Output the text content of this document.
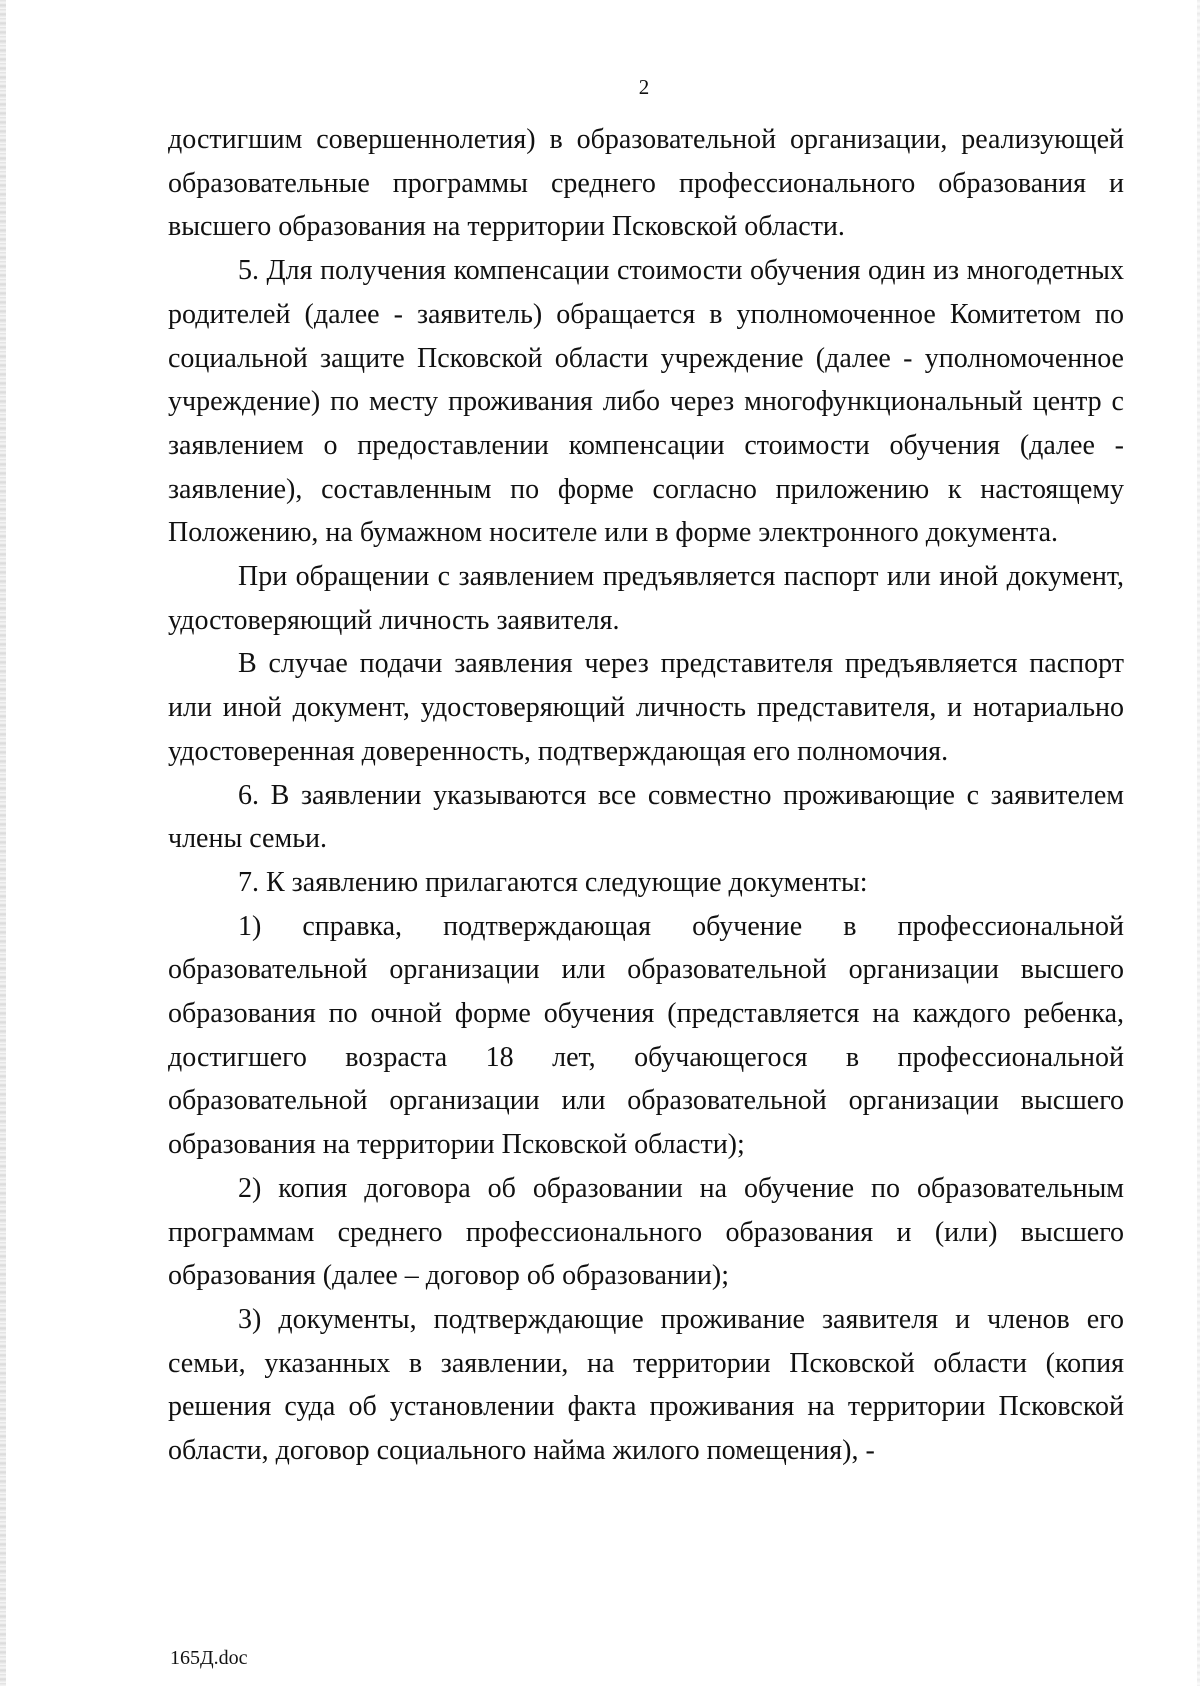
2

достигшим совершеннолетия) в образовательной организации, реализующей образовательные программы среднего профессионального образования и высшего образования на территории Псковской области.

5. Для получения компенсации стоимости обучения один из многодетных родителей (далее - заявитель) обращается в уполномоченное Комитетом по социальной защите Псковской области учреждение (далее - уполномоченное учреждение) по месту проживания либо через многофункциональный центр с заявлением о предоставлении компенсации стоимости обучения (далее - заявление), составленным по форме согласно приложению к настоящему Положению, на бумажном носителе или в форме электронного документа.

При обращении с заявлением предъявляется паспорт или иной документ, удостоверяющий личность заявителя.

В случае подачи заявления через представителя предъявляется паспорт или иной документ, удостоверяющий личность представителя, и нотариально удостоверенная доверенность, подтверждающая его полномочия.

6. В заявлении указываются все совместно проживающие с заявителем члены семьи.

7. К заявлению прилагаются следующие документы:

1) справка, подтверждающая обучение в профессиональной образовательной организации или образовательной организации высшего образования по очной форме обучения (представляется на каждого ребенка, достигшего возраста 18 лет, обучающегося в профессиональной образовательной организации или образовательной организации высшего образования на территории Псковской области);

2) копия договора об образовании на обучение по образовательным программам среднего профессионального образования и (или) высшего образования (далее – договор об образовании);

3) документы, подтверждающие проживание заявителя и членов его семьи, указанных в заявлении, на территории Псковской области (копия решения суда об установлении факта проживания на территории Псковской области, договор социального найма жилого помещения), -

165Д.doc
